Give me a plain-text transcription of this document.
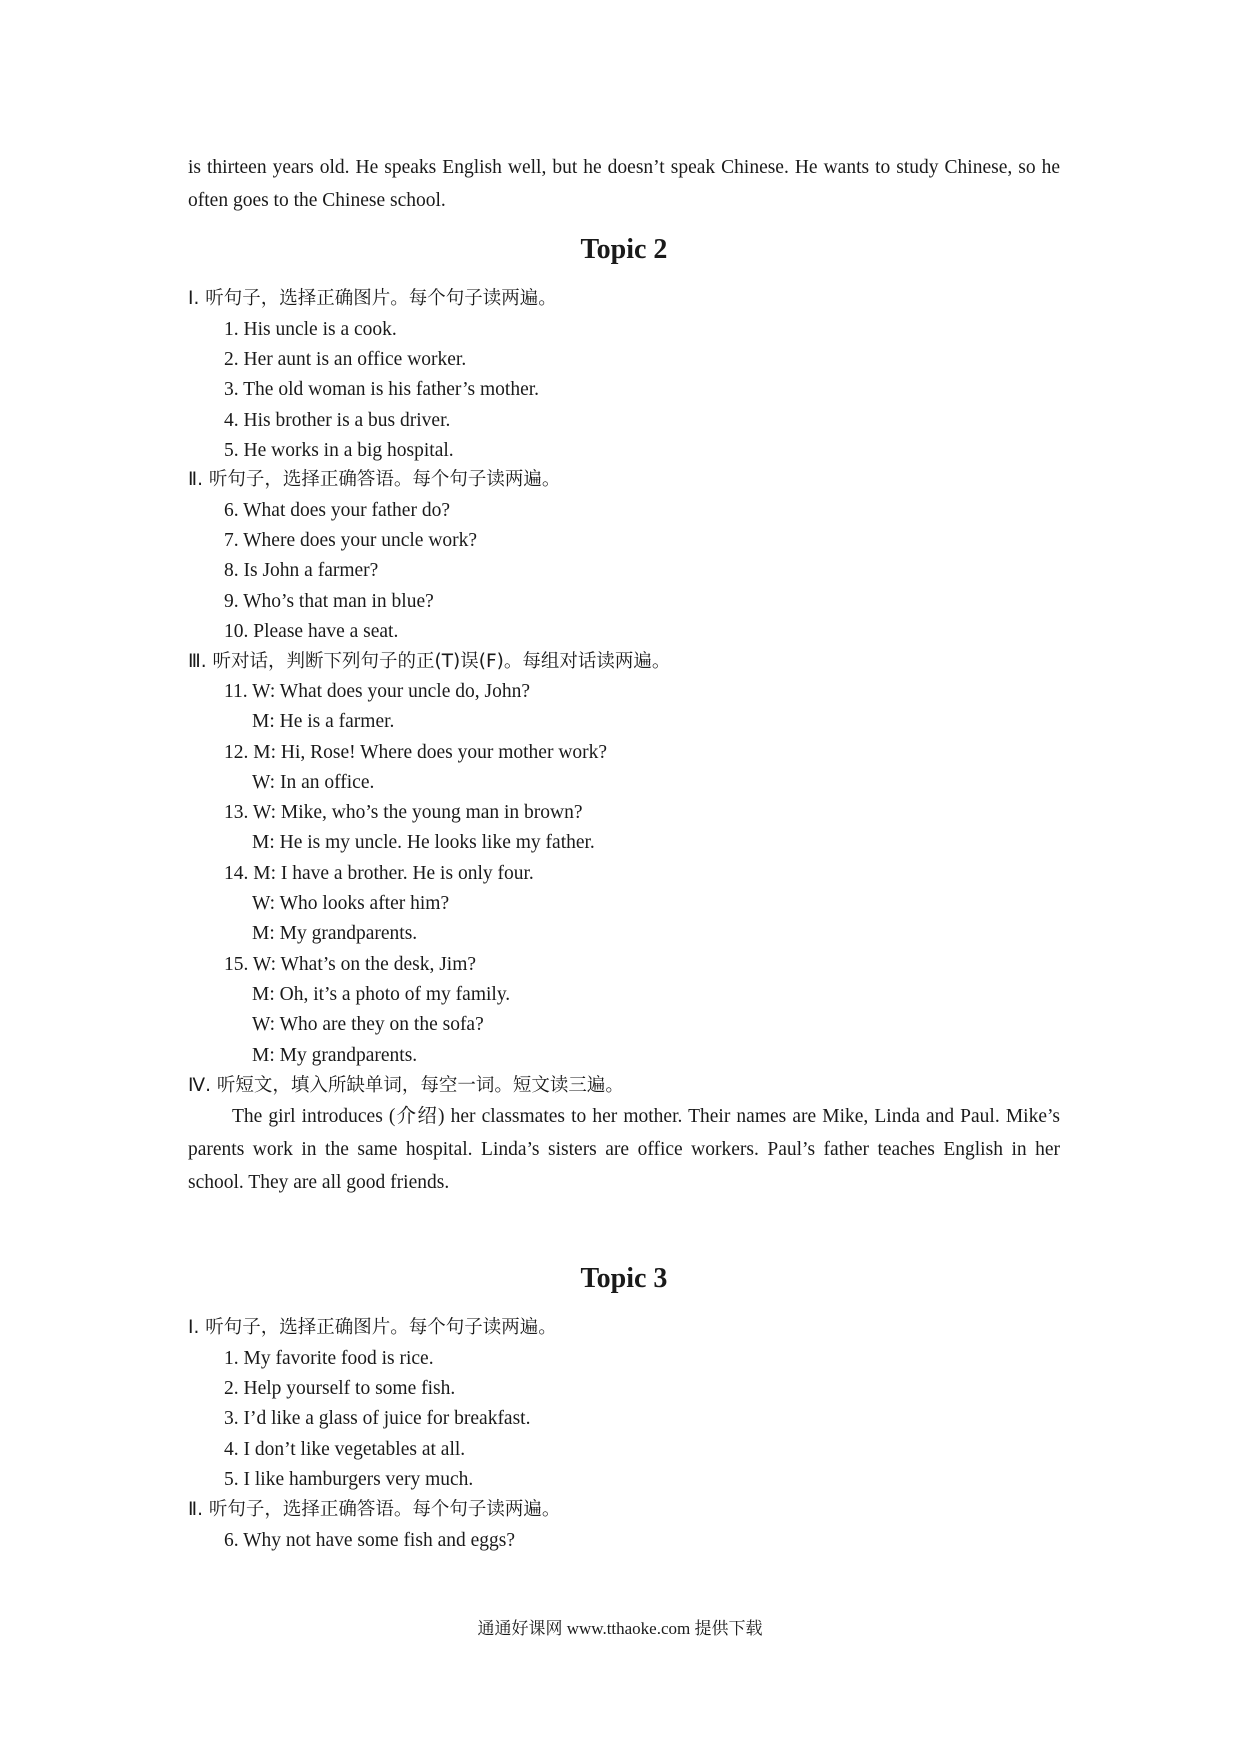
is thirteen years old. He speaks English well, but he doesn’t speak Chinese. He wants to study Chinese, so he often goes to the Chinese school.
Topic 2
Ⅰ. 听句子，选择正确图片。每个句子读两遍。
1. His uncle is a cook.
2. Her aunt is an office worker.
3. The old woman is his father’s mother.
4. His brother is a bus driver.
5. He works in a big hospital.
Ⅱ. 听句子，选择正确答语。每个句子读两遍。
6. What does your father do?
7. Where does your uncle work?
8. Is John a farmer?
9. Who’s that man in blue?
10. Please have a seat.
Ⅲ. 听对话，判断下列句子的正(T)误(F)。每组对话读两遍。
11. W: What does your uncle do, John?
M: He is a farmer.
12. M: Hi, Rose! Where does your mother work?
W: In an office.
13. W: Mike, who’s the young man in brown?
M: He is my uncle. He looks like my father.
14. M: I have a brother. He is only four.
W: Who looks after him?
M: My grandparents.
15. W: What’s on the desk, Jim?
M: Oh, it’s a photo of my family.
W: Who are they on the sofa?
M: My grandparents.
Ⅳ. 听短文，填入所缺单词，每空一词。短文读三遍。
The girl introduces (介绍) her classmates to her mother. Their names are Mike, Linda and Paul. Mike’s parents work in the same hospital. Linda’s sisters are office workers. Paul’s father teaches English in her school. They are all good friends.
Topic 3
Ⅰ. 听句子，选择正确图片。每个句子读两遍。
1. My favorite food is rice.
2. Help yourself to some fish.
3. I’d like a glass of juice for breakfast.
4. I don’t like vegetables at all.
5. I like hamburgers very much.
Ⅱ. 听句子，选择正确答语。每个句子读两遍。
6. Why not have some fish and eggs?
通通好课网 www.tthaoke.com 提供下载
